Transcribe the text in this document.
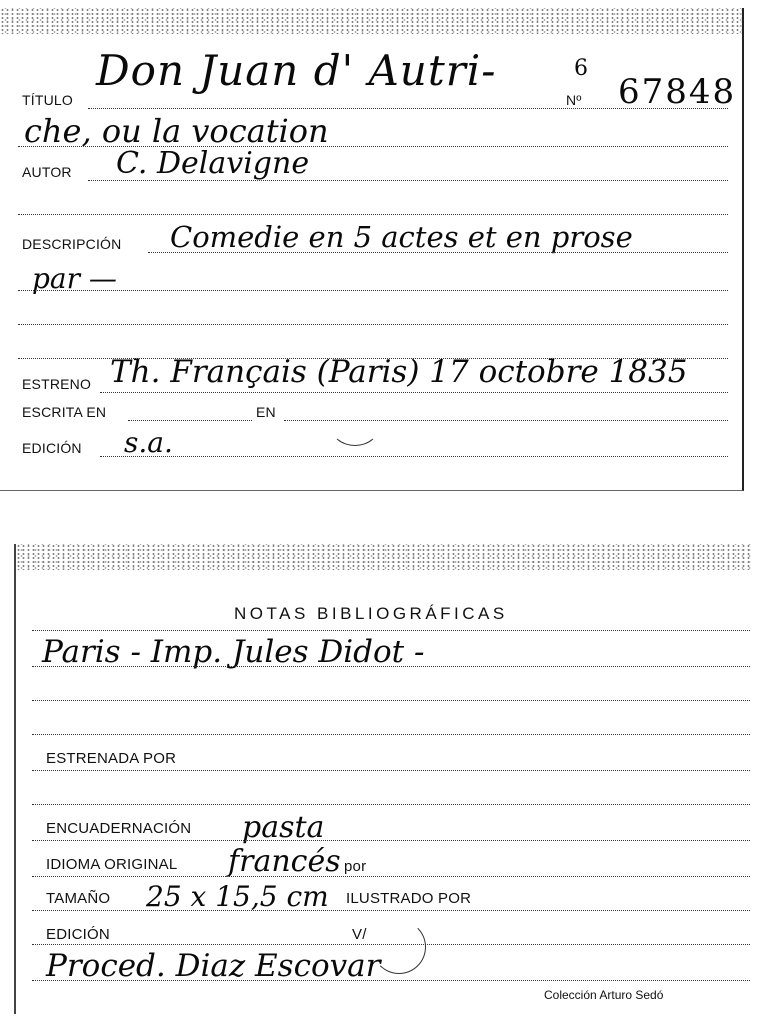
TÍTULO
Don Juan d' Autri-
Nº
6
67848
che, ou la vocation
AUTOR C. Delavigne
DESCRIPCIÓN Comedie en 5 actes et en prose
par —
ESTRENO Th. Français (Paris) 17 octobre 1835
ESCRITA EN	EN
EDICIÓN s.a.
NOTAS BIBLIOGRÁFICAS
Paris - Imp. Jules Didot -
ESTRENADA POR
ENCUADERNACIÓN pasta
IDIOMA ORIGINAL francés por
TAMAÑO 25 x 15,5 cm ILUSTRADO POR
EDICIÓN	V/
Proced. Diaz Escovar
Colección Arturo Sedó
